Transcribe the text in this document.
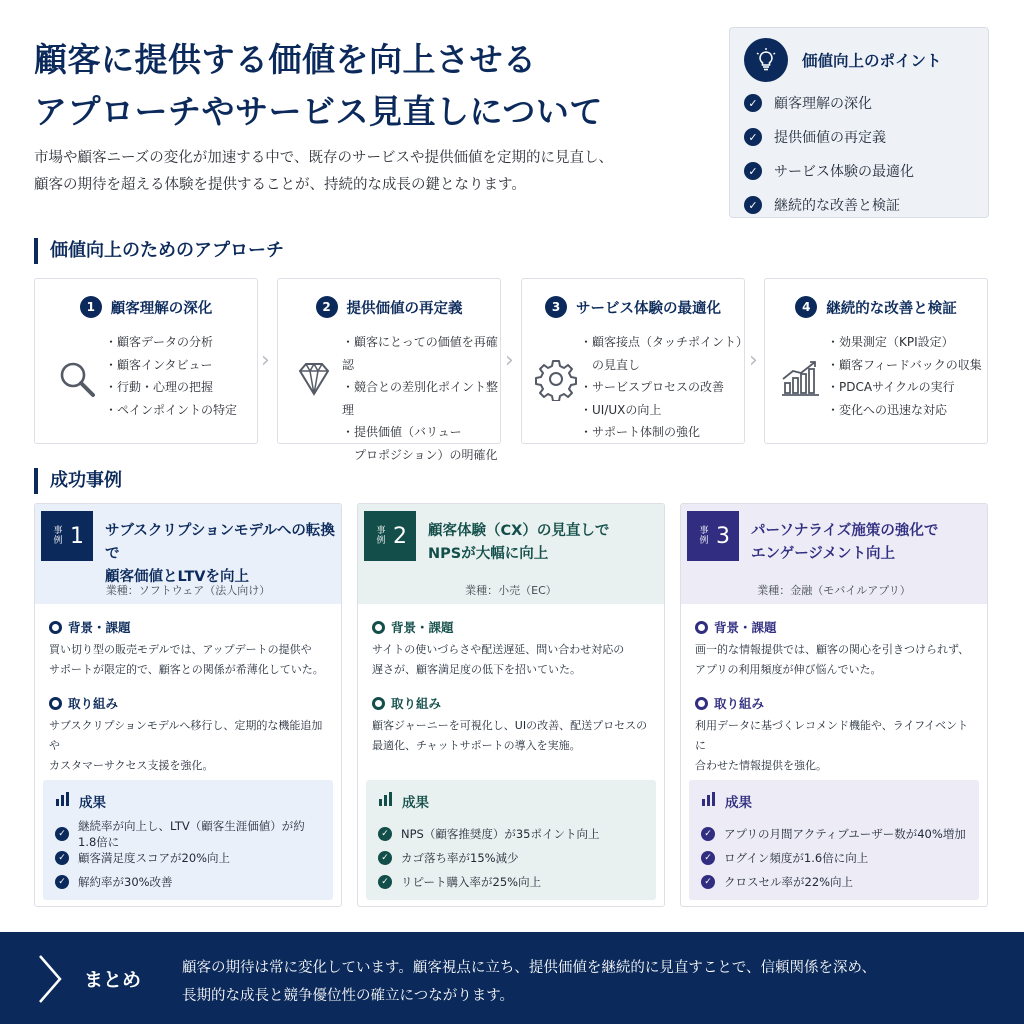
顧客に提供する価値を向上させる
アプローチやサービス見直しについて
市場や顧客ニーズの変化が加速する中で、既存のサービスや提供価値を定期的に見直し、
顧客の期待を超える体験を提供することが、持続的な成長の鍵となります。
価値向上のポイント
✓	顧客理解の深化
✓	提供価値の再定義
✓	サービス体験の最適化
✓	継続的な改善と検証
価値向上のためのアプローチ
1	顧客理解の深化
・顧客データの分析
・顧客インタビュー
・行動・心理の把握
・ペインポイントの特定
›
2	提供価値の再定義
・顧客にとっての価値を再確認
・競合との差別化ポイント整理
・提供価値（バリュー
　プロポジション）の明確化
›
3	サービス体験の最適化
・顧客接点（タッチポイント）
　の見直し
・サービスプロセスの改善
・UI/UXの向上
・サポート体制の強化
›
4	継続的な改善と検証
・効果測定（KPI設定）
・顧客フィードバックの収集
・PDCAサイクルの実行
・変化への迅速な対応
成功事例
事例 1 サブスクリプションモデルへの転換で
顧客価値とLTVを向上
業種：ソフトウェア（法人向け）
背景・課題
買い切り型の販売モデルでは、アップデートの提供や
サポートが限定的で、顧客との関係が希薄化していた。
取り組み
サブスクリプションモデルへ移行し、定期的な機能追加や
カスタマーサクセス支援を強化。
成果
✓
継続率が向上し、LTV（顧客生涯価値）が約1.8倍に
✓ 顧客満足度スコアが20%向上
✓ 解約率が30%改善
事例 2 顧客体験（CX）の見直しで
NPSが大幅に向上
業種：小売（EC）
背景・課題
サイトの使いづらさや配送遅延、問い合わせ対応の
遅さが、顧客満足度の低下を招いていた。
取り組み
顧客ジャーニーを可視化し、UIの改善、配送プロセスの
最適化、チャットサポートの導入を実施。
成果
✓ NPS（顧客推奨度）が35ポイント向上
✓ カゴ落ち率が15%減少
✓ リピート購入率が25%向上
事例 3 パーソナライズ施策の強化で
エンゲージメント向上
業種：金融（モバイルアプリ）
背景・課題
画一的な情報提供では、顧客の関心を引きつけられず、
アプリの利用頻度が伸び悩んでいた。
取り組み
利用データに基づくレコメンド機能や、ライフイベントに
合わせた情報提供を強化。
成果
✓ アプリの月間アクティブユーザー数が40%増加
✓ ログイン頻度が1.6倍に向上
✓ クロスセル率が22%向上
まとめ
顧客の期待は常に変化しています。顧客視点に立ち、提供価値を継続的に見直すことで、信頼関係を深め、
長期的な成長と競争優位性の確立につながります。
